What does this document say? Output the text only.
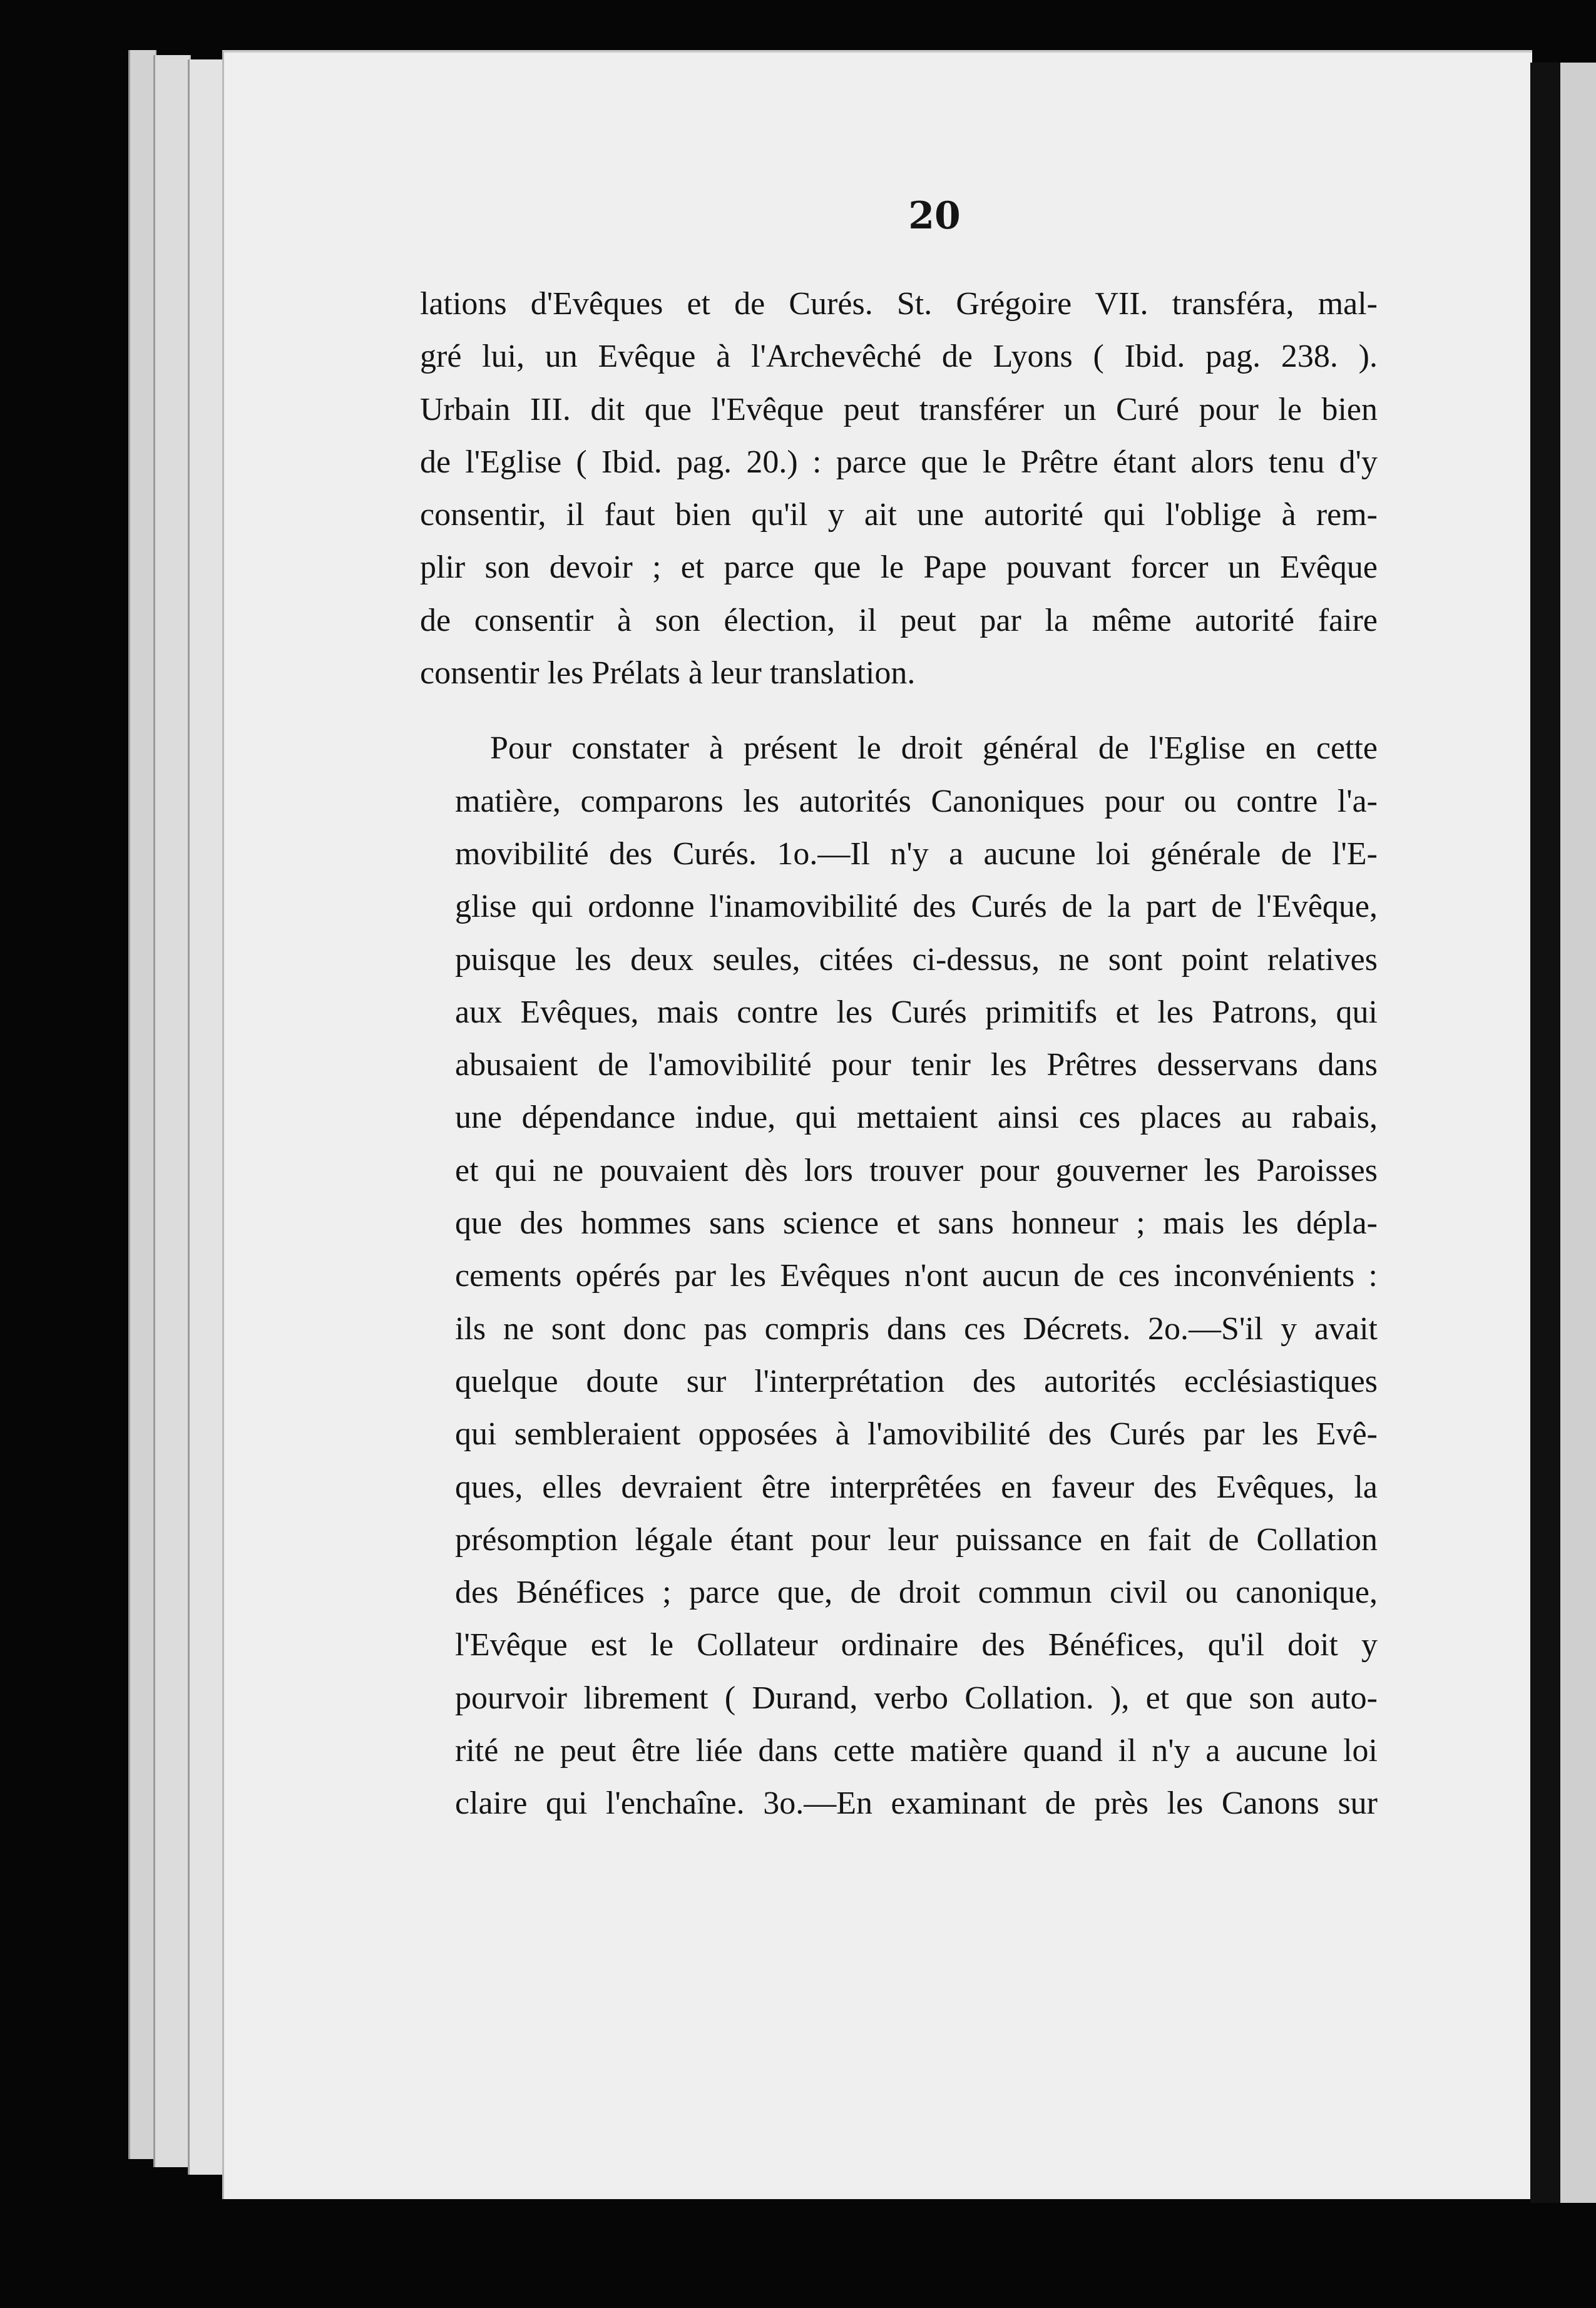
20

lations d'Evêques et de Curés. St. Grégoire VII. transféra, mal-
gré lui, un Evêque à l'Archevêché de Lyons ( Ibid. pag. 238. ).
Urbain III. dit que l'Evêque peut transférer un Curé pour le bien
de l'Eglise ( Ibid. pag. 20.) : parce que le Prêtre étant alors tenu d'y
consentir, il faut bien qu'il y ait une autorité qui l'oblige à rem-
plir son devoir ; et parce que le Pape pouvant forcer un Evêque
de consentir à son élection, il peut par la même autorité faire
consentir les Prélats à leur translation.

Pour constater à présent le droit général de l'Eglise en cette
matière, comparons les autorités Canoniques pour ou contre l'a-
movibilité des Curés. 1o.—Il n'y a aucune loi générale de l'E-
glise qui ordonne l'inamovibilité des Curés de la part de l'Evêque,
puisque les deux seules, citées ci-dessus, ne sont point relatives
aux Evêques, mais contre les Curés primitifs et les Patrons, qui
abusaient de l'amovibilité pour tenir les Prêtres desservans dans
une dépendance indue, qui mettaient ainsi ces places au rabais,
et qui ne pouvaient dès lors trouver pour gouverner les Paroisses
que des hommes sans science et sans honneur ; mais les dépla-
cements opérés par les Evêques n'ont aucun de ces inconvénients :
ils ne sont donc pas compris dans ces Décrets. 2o.—S'il y avait
quelque doute sur l'interprétation des autorités ecclésiastiques
qui sembleraient opposées à l'amovibilité des Curés par les Evê-
ques, elles devraient être interprêtées en faveur des Evêques, la
présomption légale étant pour leur puissance en fait de Collation
des Bénéfices ; parce que, de droit commun civil ou canonique,
l'Evêque est le Collateur ordinaire des Bénéfices, qu'il doit y
pourvoir librement ( Durand, verbo Collation. ), et que son auto-
rité ne peut être liée dans cette matière quand il n'y a aucune loi
claire qui l'enchaîne. 3o.—En examinant de près les Canons sur
